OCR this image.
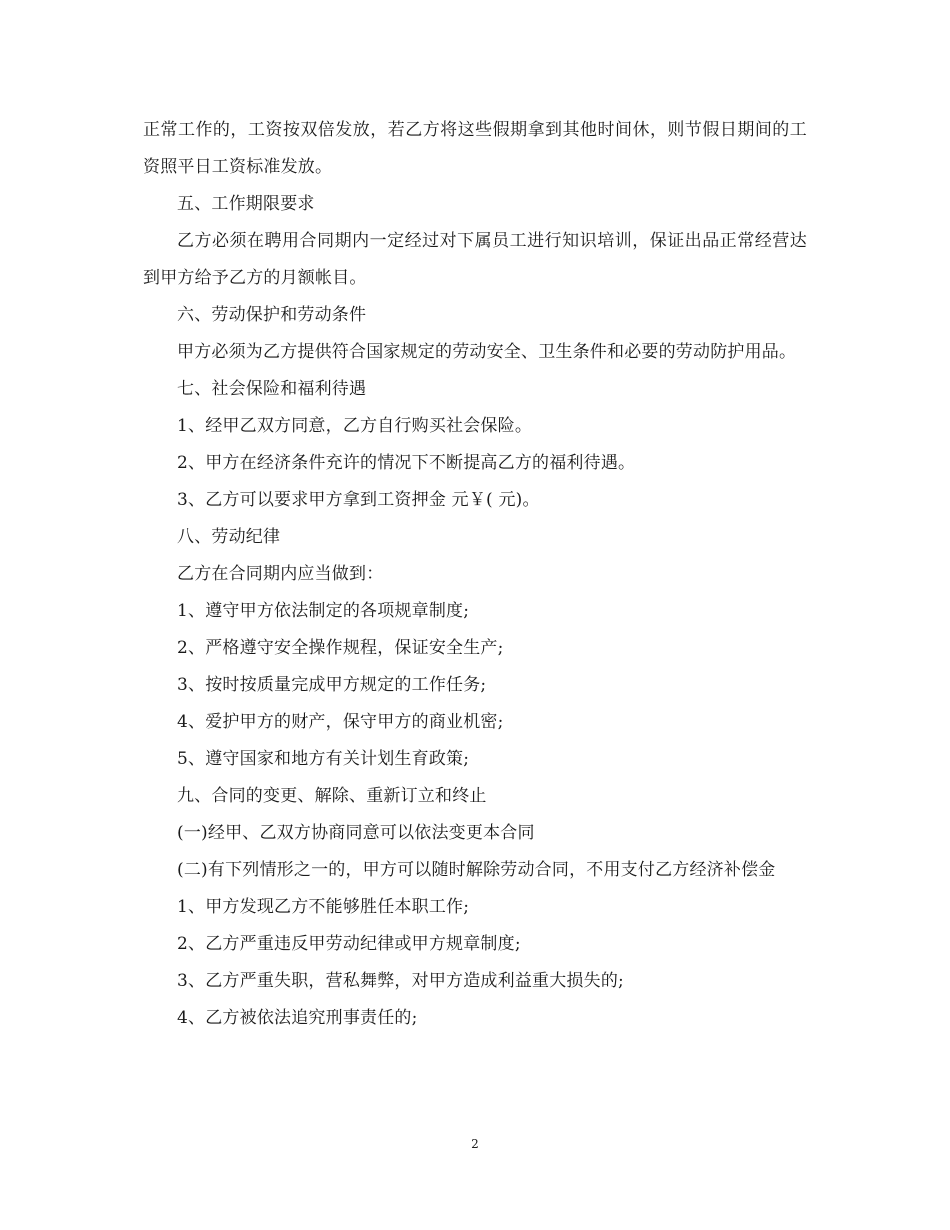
正常工作的，工资按双倍发放，若乙方将这些假期拿到其他时间休，则节假日期间的工资照平日工资标准发放。

五、工作期限要求

乙方必须在聘用合同期内一定经过对下属员工进行知识培训，保证出品正常经营达到甲方给予乙方的月额帐目。

六、劳动保护和劳动条件

甲方必须为乙方提供符合国家规定的劳动安全、卫生条件和必要的劳动防护用品。

七、社会保险和福利待遇

1、经甲乙双方同意，乙方自行购买社会保险。

2、甲方在经济条件充许的情况下不断提高乙方的福利待遇。

3、乙方可以要求甲方拿到工资押金 元￥( 元)。

八、劳动纪律

乙方在合同期内应当做到：

1、遵守甲方依法制定的各项规章制度;

2、严格遵守安全操作规程，保证安全生产;

3、按时按质量完成甲方规定的工作任务;

4、爱护甲方的财产，保守甲方的商业机密;

5、遵守国家和地方有关计划生育政策;

九、合同的变更、解除、重新订立和终止

(一)经甲、乙双方协商同意可以依法变更本合同

(二)有下列情形之一的，甲方可以随时解除劳动合同，不用支付乙方经济补偿金

1、甲方发现乙方不能够胜任本职工作;

2、乙方严重违反甲劳动纪律或甲方规章制度;

3、乙方严重失职，营私舞弊，对甲方造成利益重大损失的;

4、乙方被依法追究刑事责任的;

2
